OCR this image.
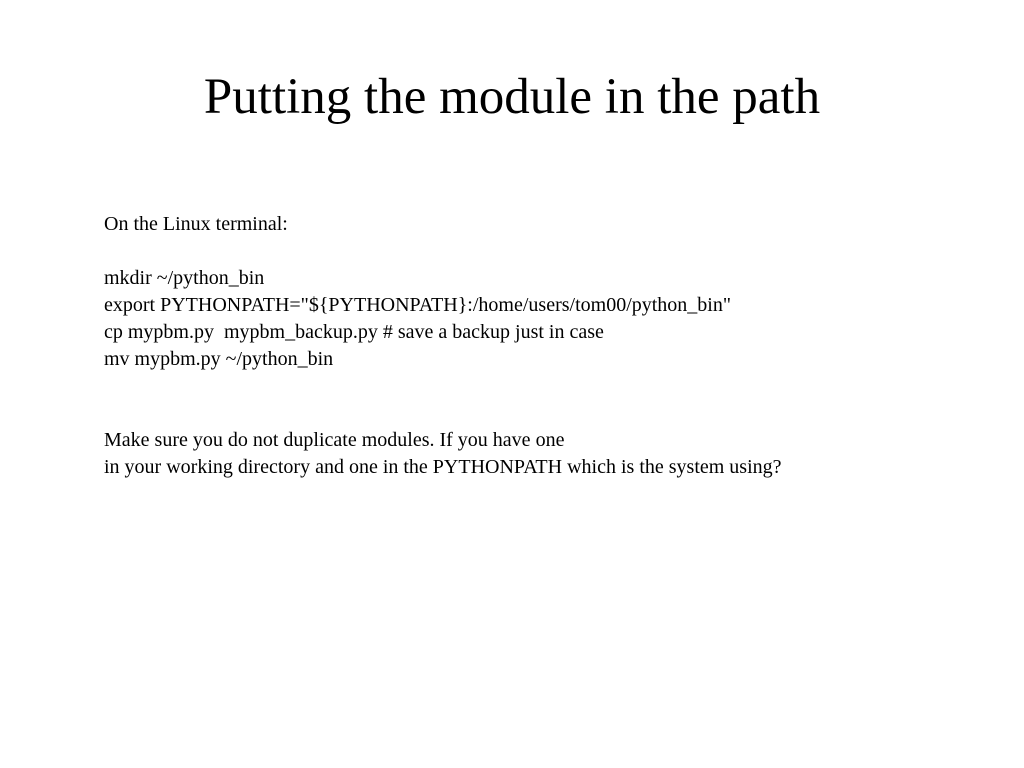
Putting the module in the path
On the Linux terminal:
mkdir ~/python_bin
export PYTHONPATH="${PYTHONPATH}:/home/users/tom00/python_bin"
cp mypbm.py  mypbm_backup.py # save a backup just in case
mv mypbm.py ~/python_bin
Make sure you do not duplicate modules. If you have one
in your working directory and one in the PYTHONPATH which is the system using?
